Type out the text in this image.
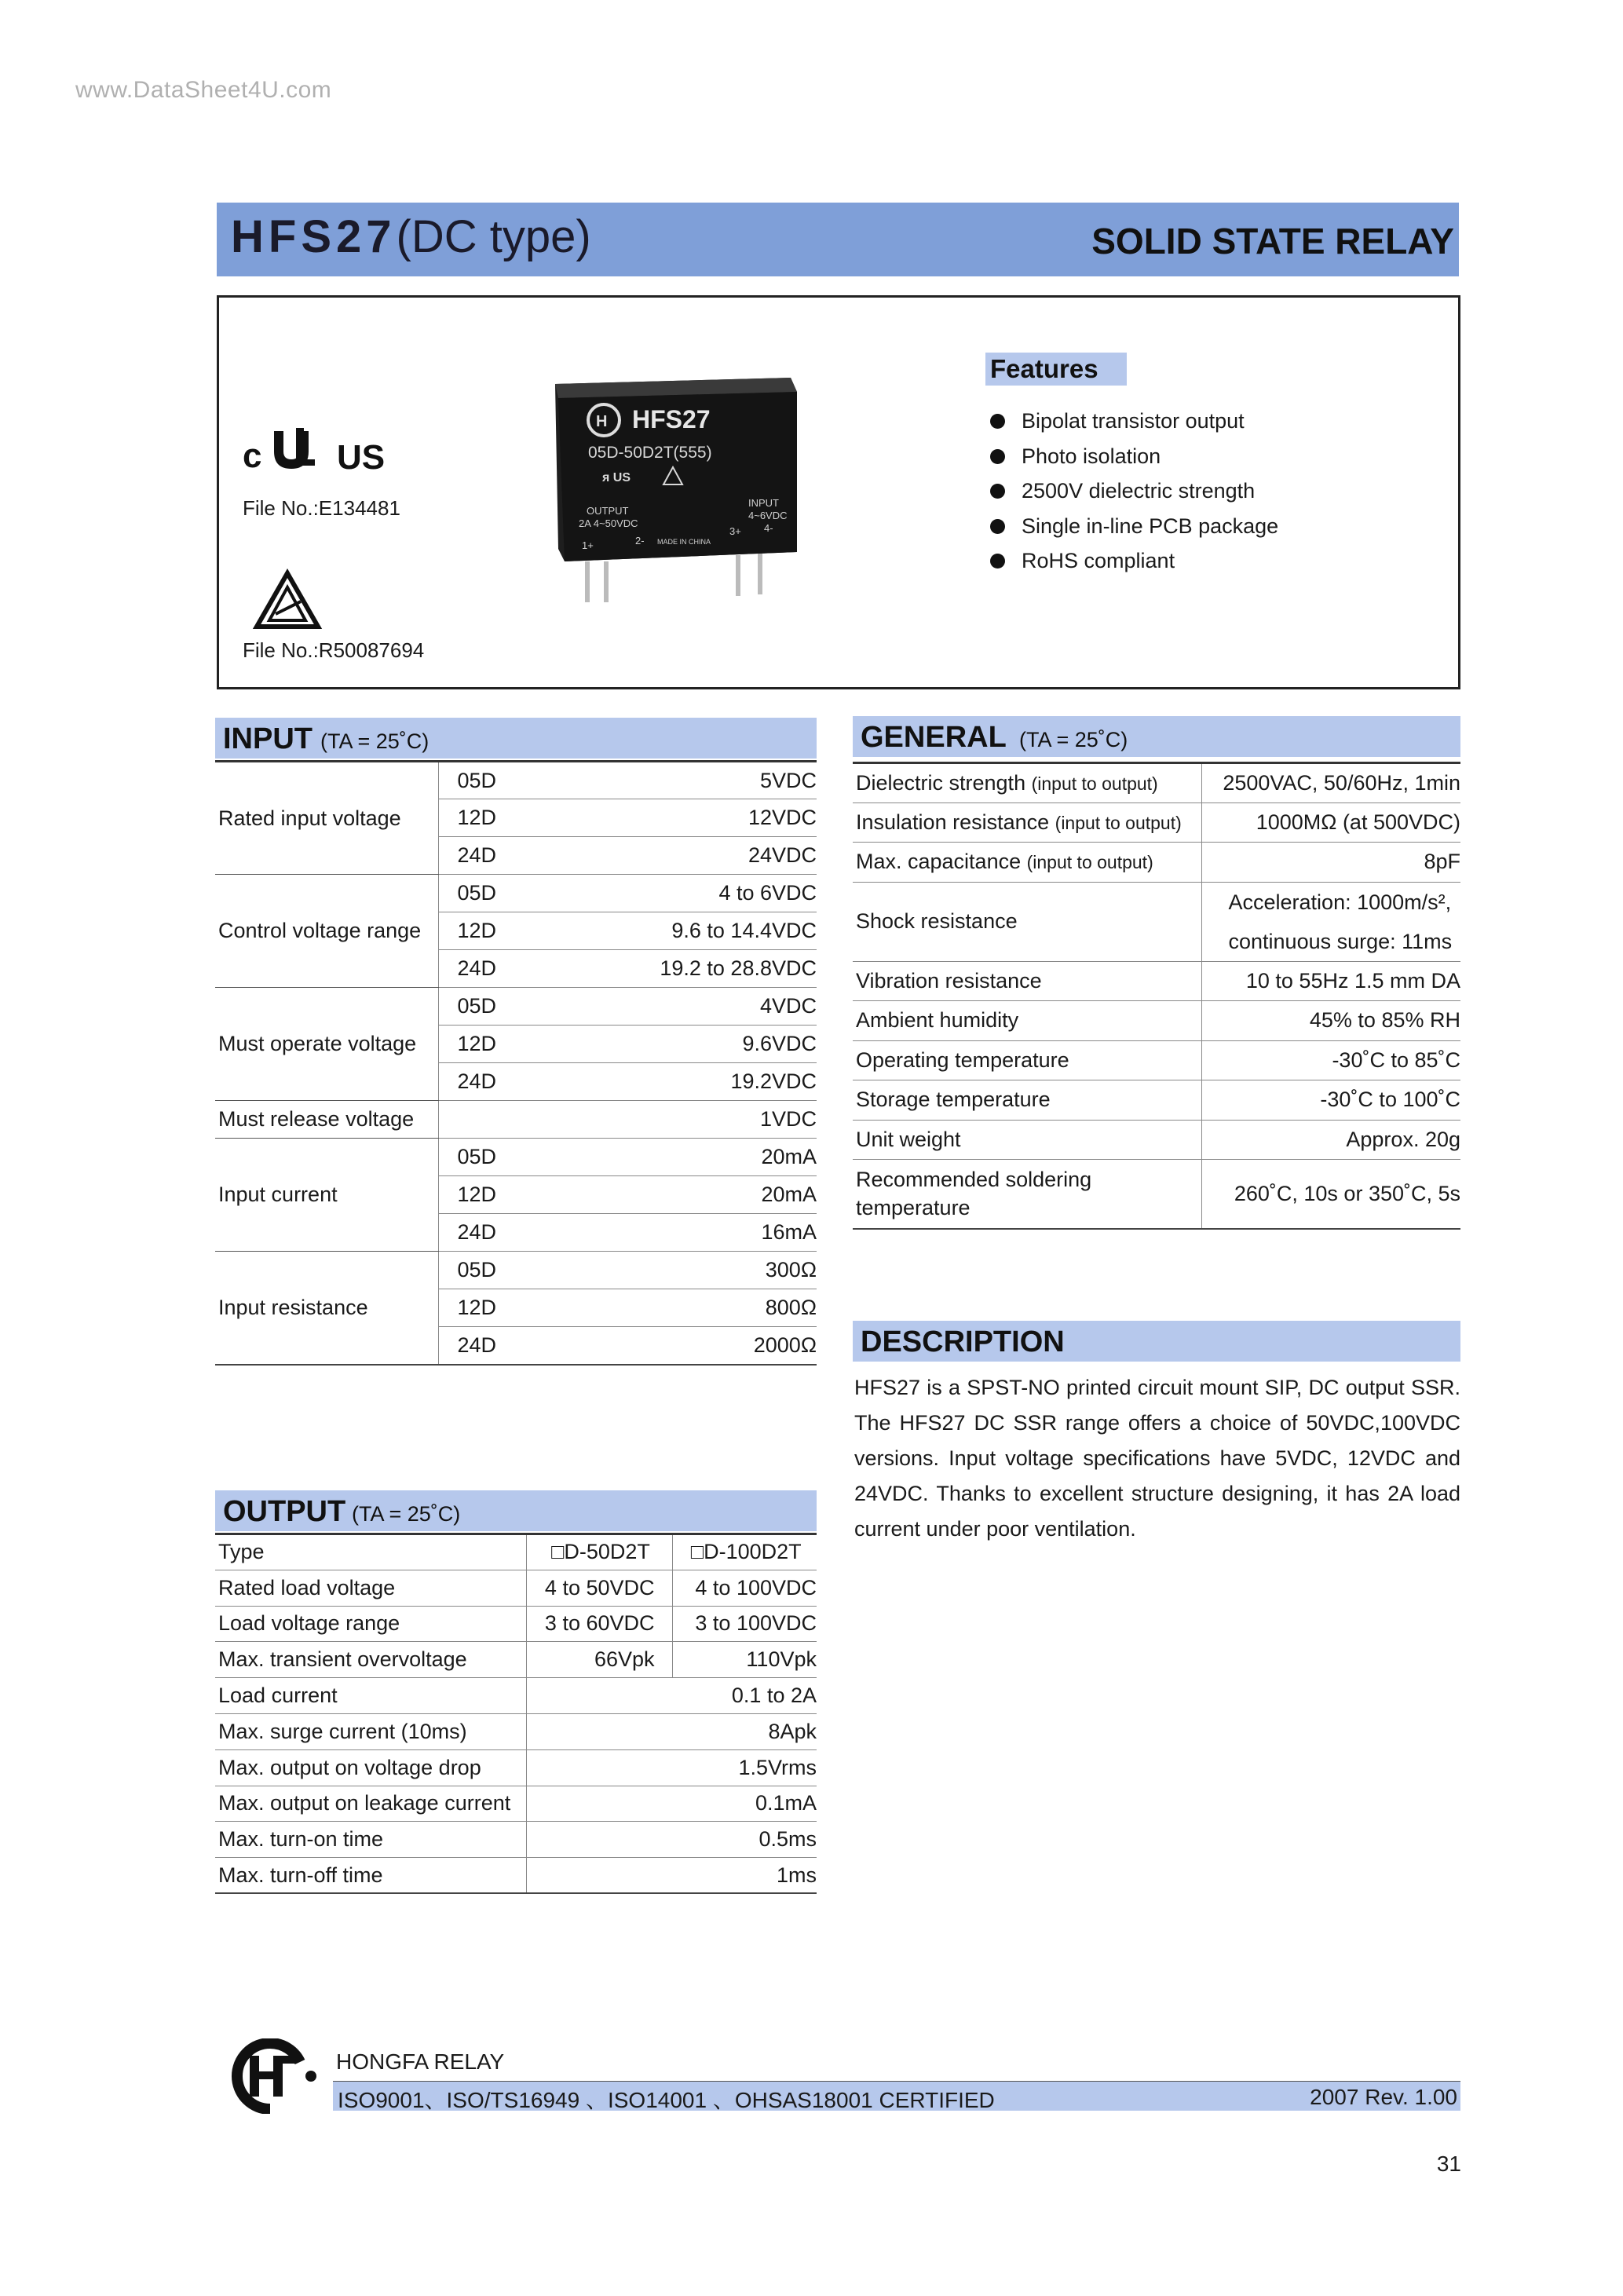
www.DataSheet4U.com
HFS27(DC type)	SOLID STATE RELAY
c US
File No.:E134481
File No.:R50087694
H HFS27
05D-50D2T(555)
ᴙ US
OUTPUT
2A 4~50VDC
INPUT
4~6VDC
1+	2- MADE IN CHINA
3+ 4-
Features
Bipolat transistor output
Photo isolation
2500V dielectric strength
Single in-line PCB package
RoHS compliant
INPUT (TA = 25˚C)
Rated input voltage	05D	5VDC
	12D	12VDC
	24D	24VDC
Control voltage range	05D	4 to 6VDC
	12D	9.6 to 14.4VDC
	24D	19.2 to 28.8VDC
Must operate voltage	05D	4VDC
	12D	9.6VDC
	24D	19.2VDC
Must release voltage		1VDC
Input current	05D	20mA
	12D	20mA
	24D	16mA
Input resistance	05D	300Ω
	12D	800Ω
	24D	2000Ω
OUTPUT (TA = 25˚C)
Type	□D-50D2T	□D-100D2T
Rated load voltage	4 to 50VDC	4 to 100VDC
Load voltage range	3 to 60VDC	3 to 100VDC
Max. transient overvoltage	66Vpk	110Vpk
Load current	0.1 to 2A	
Max. surge current (10ms)	8Apk	
Max. output on voltage drop	1.5Vrms	
Max. output on leakage current	0.1mA	
Max. turn-on time	0.5ms	
Max. turn-off time	1ms	
GENERAL (TA = 25˚C)
Dielectric strength (input to output)	2500VAC, 50/60Hz, 1min
Insulation resistance (input to output)	1000MΩ (at 500VDC)
Max. capacitance (input to output)	8pF
Shock resistance	Acceleration: 1000m/s², continuous surge: 11ms
Vibration resistance	10 to 55Hz 1.5 mm DA
Ambient humidity	45% to 85% RH
Operating temperature	-30˚C to 85˚C
Storage temperature	-30˚C to 100˚C
Unit weight	Approx. 20g
Recommended soldering temperature	260˚C, 10s or 350˚C, 5s
DESCRIPTION
HFS27 is a SPST-NO printed circuit mount SIP, DC output SSR. The HFS27 DC SSR range offers a choice of 50VDC,100VDC versions. Input voltage specifications have 5VDC, 12VDC and 24VDC. Thanks to excellent structure designing, it has 2A load current under poor ventilation.
HONGFA RELAY
ISO9001、ISO/TS16949 、ISO14001 、OHSAS18001 CERTIFIED	2007 Rev. 1.00
31
